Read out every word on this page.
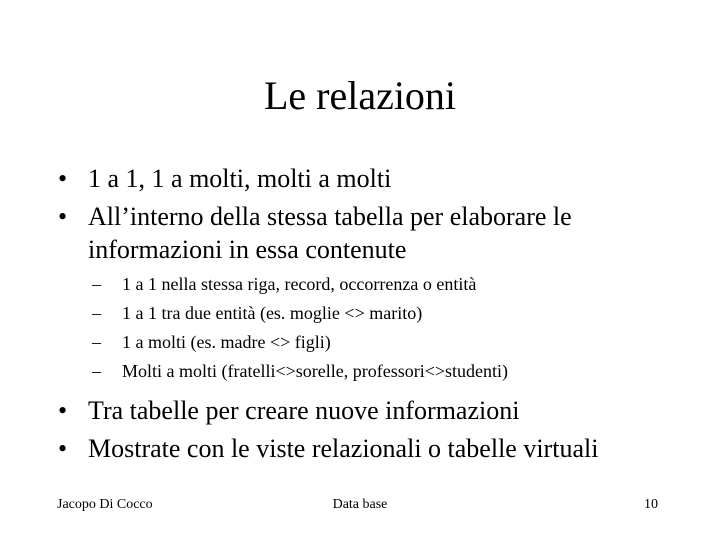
Le relazioni
• 1 a 1, 1 a molti, molti a molti
• All’interno della stessa tabella per elaborare le informazioni in essa contenute
– 1 a 1 nella stessa riga, record, occorrenza o entità
– 1 a 1 tra due entità (es. moglie <> marito)
– 1 a molti (es. madre <> figli)
– Molti a molti (fratelli<>sorelle, professori<>studenti)
• Tra tabelle per creare nuove informazioni
• Mostrate con le viste relazionali o tabelle virtuali
Jacopo Di Cocco	Data base	10
